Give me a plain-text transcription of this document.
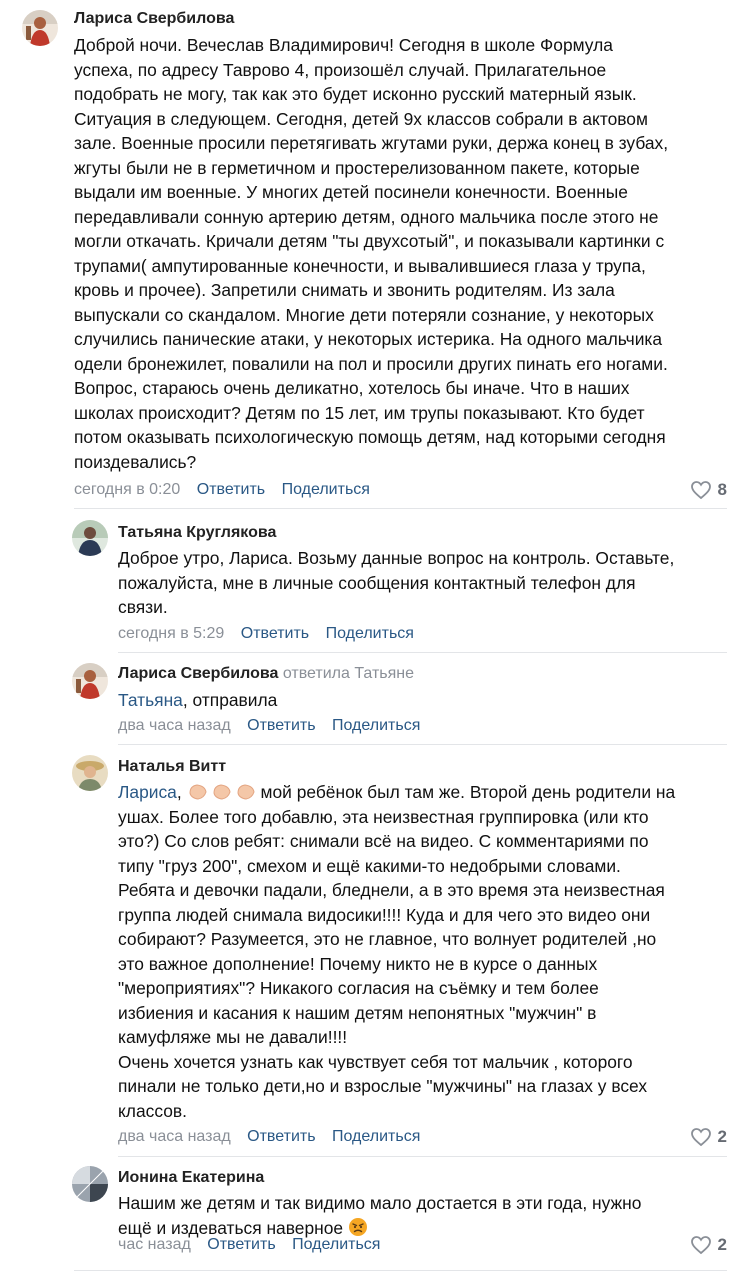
Лариса Свербилова
Доброй ночи. Вечеслав Владимирович! Сегодня в школе Формула
успеха, по адресу Таврово 4, произошёл случай. Прилагательное
подобрать не могу, так как это будет исконно русский матерный язык.
Ситуация в следующем. Сегодня, детей 9х классов собрали в актовом
зале. Военные просили перетягивать жгутами руки, держа конец в зубах,
жгуты были не в герметичном и простерелизованном пакете, которые
выдали им военные. У многих детей посинели конечности. Военные
передавливали сонную артерию детям, одного мальчика после этого не
могли откачать. Кричали детям "ты двухсотый", и показывали картинки с
трупами( ампутированные конечности, и вывалившиеся глаза у трупа,
кровь и прочее). Запретили снимать и звонить родителям. Из зала
выпускали со скандалом. Многие дети потеряли сознание, у некоторых
случились панические атаки, у некоторых истерика. На одного мальчика
одели бронежилет, повалили на пол и просили других пинать его ногами.
Вопрос, стараюсь очень деликатно, хотелось бы иначе. Что в наших
школах происходит? Детям по 15 лет, им трупы показывают. Кто будет
потом оказывать психологическую помощь детям, над которыми сегодня
поиздевались?
сегодня в 0:20 Ответить Поделиться	8
Татьяна Круглякова
Доброе утро, Лариса. Возьму данные вопрос на контроль. Оставьте,
пожалуйста, мне в личные сообщения контактный телефон для
связи.
сегодня в 5:29 Ответить Поделиться
Лариса Свербилова ответила Татьяне
Татьяна, отправила
два часа назад Ответить Поделиться
Наталья Витт
Лариса,	мой ребёнок был там же. Второй день родители на
ушах. Более того добавлю, эта неизвестная группировка (или кто
это?) Со слов ребят: снимали всё на видео. С комментариями по
типу "груз 200", смехом и ещё какими-то недобрыми словами.
Ребята и девочки падали, бледнели, а в это время эта неизвестная
группа людей снимала видосики!!!! Куда и для чего это видео они
собирают? Разумеется, это не главное, что волнует родителей ,но
это важное дополнение! Почему никто не в курсе о данных
"мероприятиях"? Никакого согласия на съёмку и тем более
избиения и касания к нашим детям непонятных "мужчин" в
камуфляже мы не давали!!!!
Очень хочется узнать как чувствует себя тот мальчик , которого
пинали не только дети,но и взрослые "мужчины" на глазах у всех
классов.
два часа назад Ответить Поделиться	2
Ионина Екатерина
Нашим же детям и так видимо мало достается в эти года, нужно
ещё и издеваться наверное
час назад Ответить Поделиться	2
